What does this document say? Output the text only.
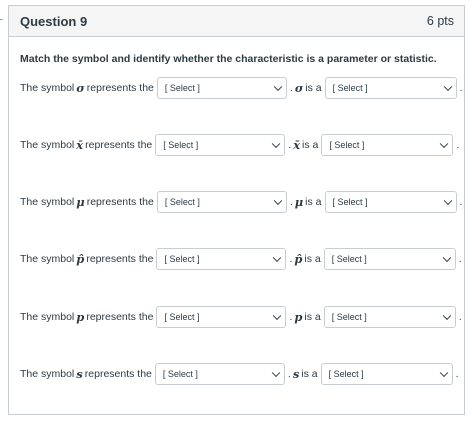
Question 9	6 pts
Match the symbol and identify whether the characteristic is a parameter or statistic.
The symbol σ represents the [ Select ]	. σ is a [ Select ]	.
The symbol x̄ represents the [ Select ]	. x̄ is a [ Select ]	.
The symbol μ represents the [ Select ]	. μ is a [ Select ]	.
The symbol p̂ represents the [ Select ]	. p̂ is a [ Select ]	.
The symbol p represents the [ Select ]	. p is a [ Select ]	.
The symbol s represents the [ Select ]	. s is a [ Select ]	.
